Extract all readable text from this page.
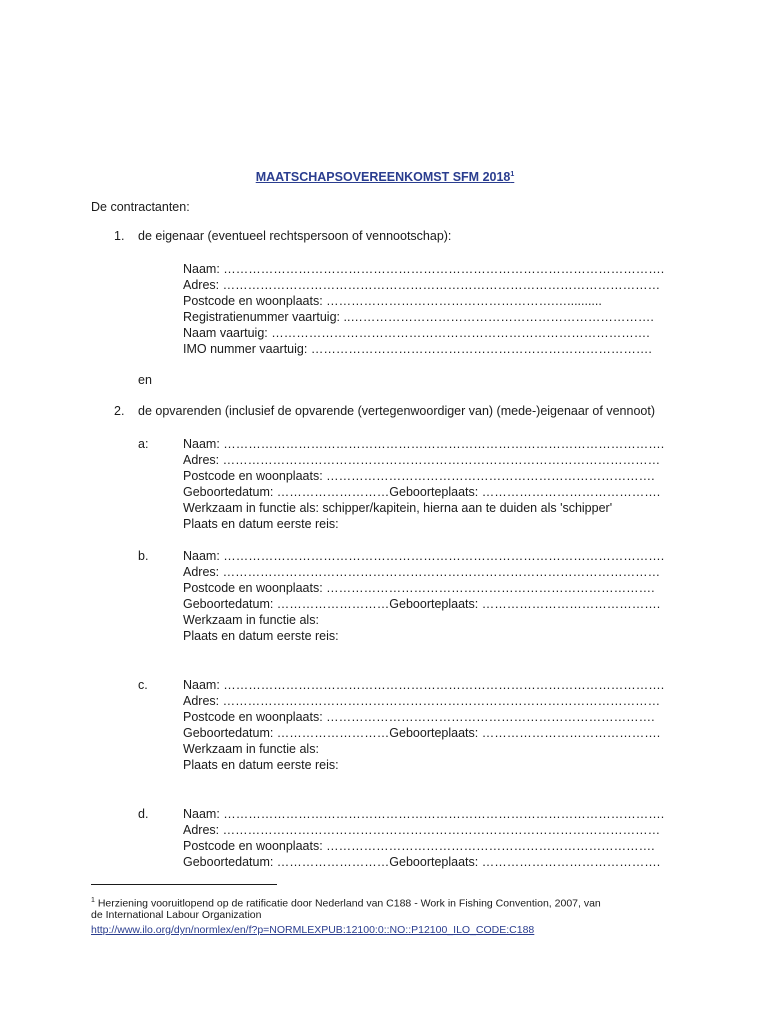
MAATSCHAPSOVEREENKOMST SFM 2018$^1$
De contractanten:
1. de eigenaar (eventueel rechtspersoon of vennootschap):
Naam: …………………………………………………………………………………………….
Adres: ……………………………………………………………………………………………
Postcode en woonplaats: ……………………………………………….…..........
Registratienummer vaartuig: ..……………………………………………………………….
Naam vaartuig: ……………………………………………………………………………….
IMO nummer vaartuig: ……………………………………………………………………….
en
2. de opvarenden (inclusief de opvarende (vertegenwoordiger van) (mede-)eigenaar of vennoot)
a:	Naam: …………………………………………………………………………………………….
Adres: ……………………………………………………………………………………………
Postcode en woonplaats: …………………………………………………………………….
Geboortedatum: ………………………Geboorteplaats: …………………………………….
Werkzaam in functie als: schipper/kapitein, hierna aan te duiden als 'schipper'
Plaats en datum eerste reis:
b.	Naam: …………………………………………………………………………………………….
Adres: ……………………………………………………………………………………………
Postcode en woonplaats: …………………………………………………………………….
Geboortedatum: ………………………Geboorteplaats: …………………………………….
Werkzaam in functie als:
Plaats en datum eerste reis:
c.	Naam: …………………………………………………………………………………………….
Adres: ……………………………………………………………………………………………
Postcode en woonplaats: …………………………………………………………………….
Geboortedatum: ………………………Geboorteplaats: …………………………………….
Werkzaam in functie als:
Plaats en datum eerste reis:
d.	Naam: …………………………………………………………………………………………….
Adres: ……………………………………………………………………………………………
Postcode en woonplaats: …………………………………………………………………….
Geboortedatum: ………………………Geboorteplaats: …………………………………….
$^1$ Herziening vooruitlopend op de ratificatie door Nederland van C188 - Work in Fishing Convention, 2007, van
de International Labour Organization
http://www.ilo.org/dyn/normlex/en/f?p=NORMLEXPUB:12100:0::NO::P12100_ILO_CODE:C188
